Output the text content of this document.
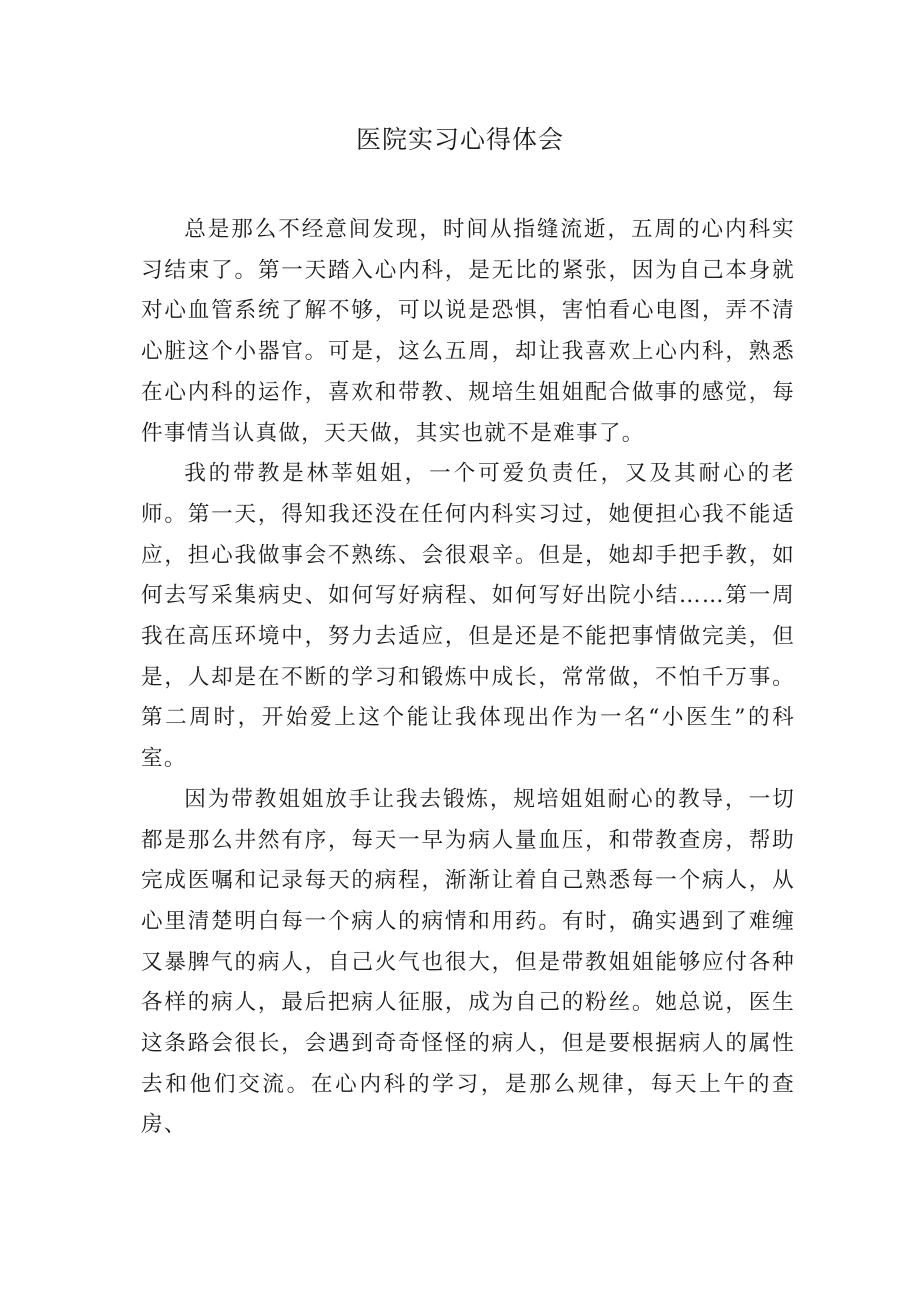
医院实习心得体会

总是那么不经意间发现，时间从指缝流逝，五周的心内科实习结束了。第一天踏入心内科，是无比的紧张，因为自己本身就对心血管系统了解不够，可以说是恐惧，害怕看心电图，弄不清心脏这个小器官。可是，这么五周，却让我喜欢上心内科，熟悉在心内科的运作，喜欢和带教、规培生姐姐配合做事的感觉，每件事情当认真做，天天做，其实也就不是难事了。

我的带教是林莘姐姐，一个可爱负责任，又及其耐心的老师。第一天，得知我还没在任何内科实习过，她便担心我不能适应，担心我做事会不熟练、会很艰辛。但是，她却手把手教，如何去写采集病史、如何写好病程、如何写好出院小结……第一周我在高压环境中，努力去适应，但是还是不能把事情做完美，但是，人却是在不断的学习和锻炼中成长，常常做，不怕千万事。第二周时，开始爱上这个能让我体现出作为一名“小医生”的科室。

因为带教姐姐放手让我去锻炼，规培姐姐耐心的教导，一切都是那么井然有序，每天一早为病人量血压，和带教查房，帮助完成医嘱和记录每天的病程，渐渐让着自己熟悉每一个病人，从心里清楚明白每一个病人的病情和用药。有时，确实遇到了难缠又暴脾气的病人，自己火气也很大，但是带教姐姐能够应付各种各样的病人，最后把病人征服，成为自己的粉丝。她总说，医生这条路会很长，会遇到奇奇怪怪的病人，但是要根据病人的属性去和他们交流。在心内科的学习，是那么规律，每天上午的查房、
